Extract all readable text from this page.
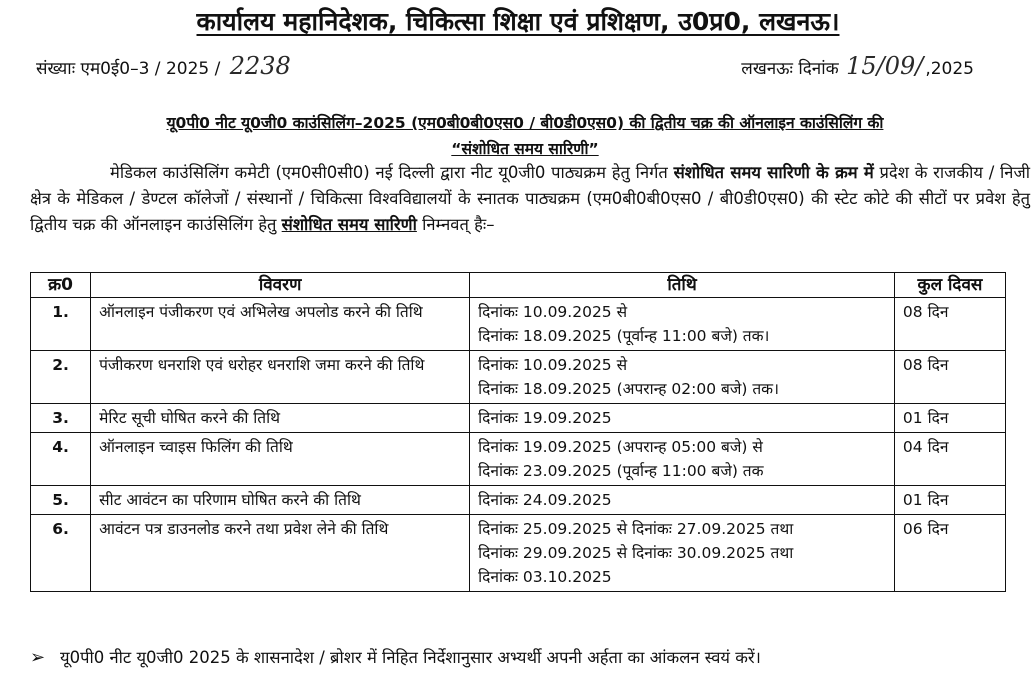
कार्यालय महानिदेशक, चिकित्सा शिक्षा एवं प्रशिक्षण, उ0प्र0, लखनऊ।
संख्याः एम0ई0–3 / 2025 / 2238	लखनऊः दिनांक 15/09/ ,2025
यू0पी0 नीट यू0जी0 काउंसिलिंग–2025 (एम0बी0बी0एस0 / बी0डी0एस0) की द्वितीय चक्र की ऑनलाइन काउंसिलिंग की
“संशोधित समय सारिणी”
मेडिकल काउंसिलिंग कमेटी (एम0सी0सी0) नई दिल्ली द्वारा नीट यू0जी0 पाठ्यक्रम हेतु निर्गत संशोधित समय सारिणी के क्रम में प्रदेश के राजकीय / निजी क्षेत्र के मेडिकल / डेण्टल कॉलेजों / संस्थानों / चिकित्सा विश्वविद्यालयों के स्नातक पाठ्यक्रम (एम0बी0बी0एस0 / बी0डी0एस0) की स्टेट कोटे की सीटों पर प्रवेश हेतु द्वितीय चक्र की ऑनलाइन काउंसिलिंग हेतु संशोधित समय सारिणी निम्नवत् हैः–
क्र0	विवरण	तिथि	कुल दिवस
1.	ऑनलाइन पंजीकरण एवं अभिलेख अपलोड करने की तिथि	दिनांकः 10.09.2025 से
दिनांकः 18.09.2025 (पूर्वान्ह 11:00 बजे) तक।	08 दिन
2.	पंजीकरण धनराशि एवं धरोहर धनराशि जमा करने की तिथि	दिनांकः 10.09.2025 से
दिनांकः 18.09.2025 (अपरान्ह 02:00 बजे) तक।	08 दिन
3.	मेरिट सूची घोषित करने की तिथि	दिनांकः 19.09.2025	01 दिन
4.	ऑनलाइन च्वाइस फिलिंग की तिथि	दिनांकः 19.09.2025 (अपरान्ह 05:00 बजे) से
दिनांकः 23.09.2025 (पूर्वान्ह 11:00 बजे) तक	04 दिन
5.	सीट आवंटन का परिणाम घोषित करने की तिथि	दिनांकः 24.09.2025	01 दिन
6.	आवंटन पत्र डाउनलोड करने तथा प्रवेश लेने की तिथि	दिनांकः 25.09.2025 से दिनांकः 27.09.2025 तथा
दिनांकः 29.09.2025 से दिनांकः 30.09.2025 तथा
दिनांकः 03.10.2025	06 दिन
➢ यू0पी0 नीट यू0जी0 2025 के शासनादेश / ब्रोशर में निहित निर्देशानुसार अभ्यर्थी अपनी अर्हता का आंकलन स्वयं करें।
